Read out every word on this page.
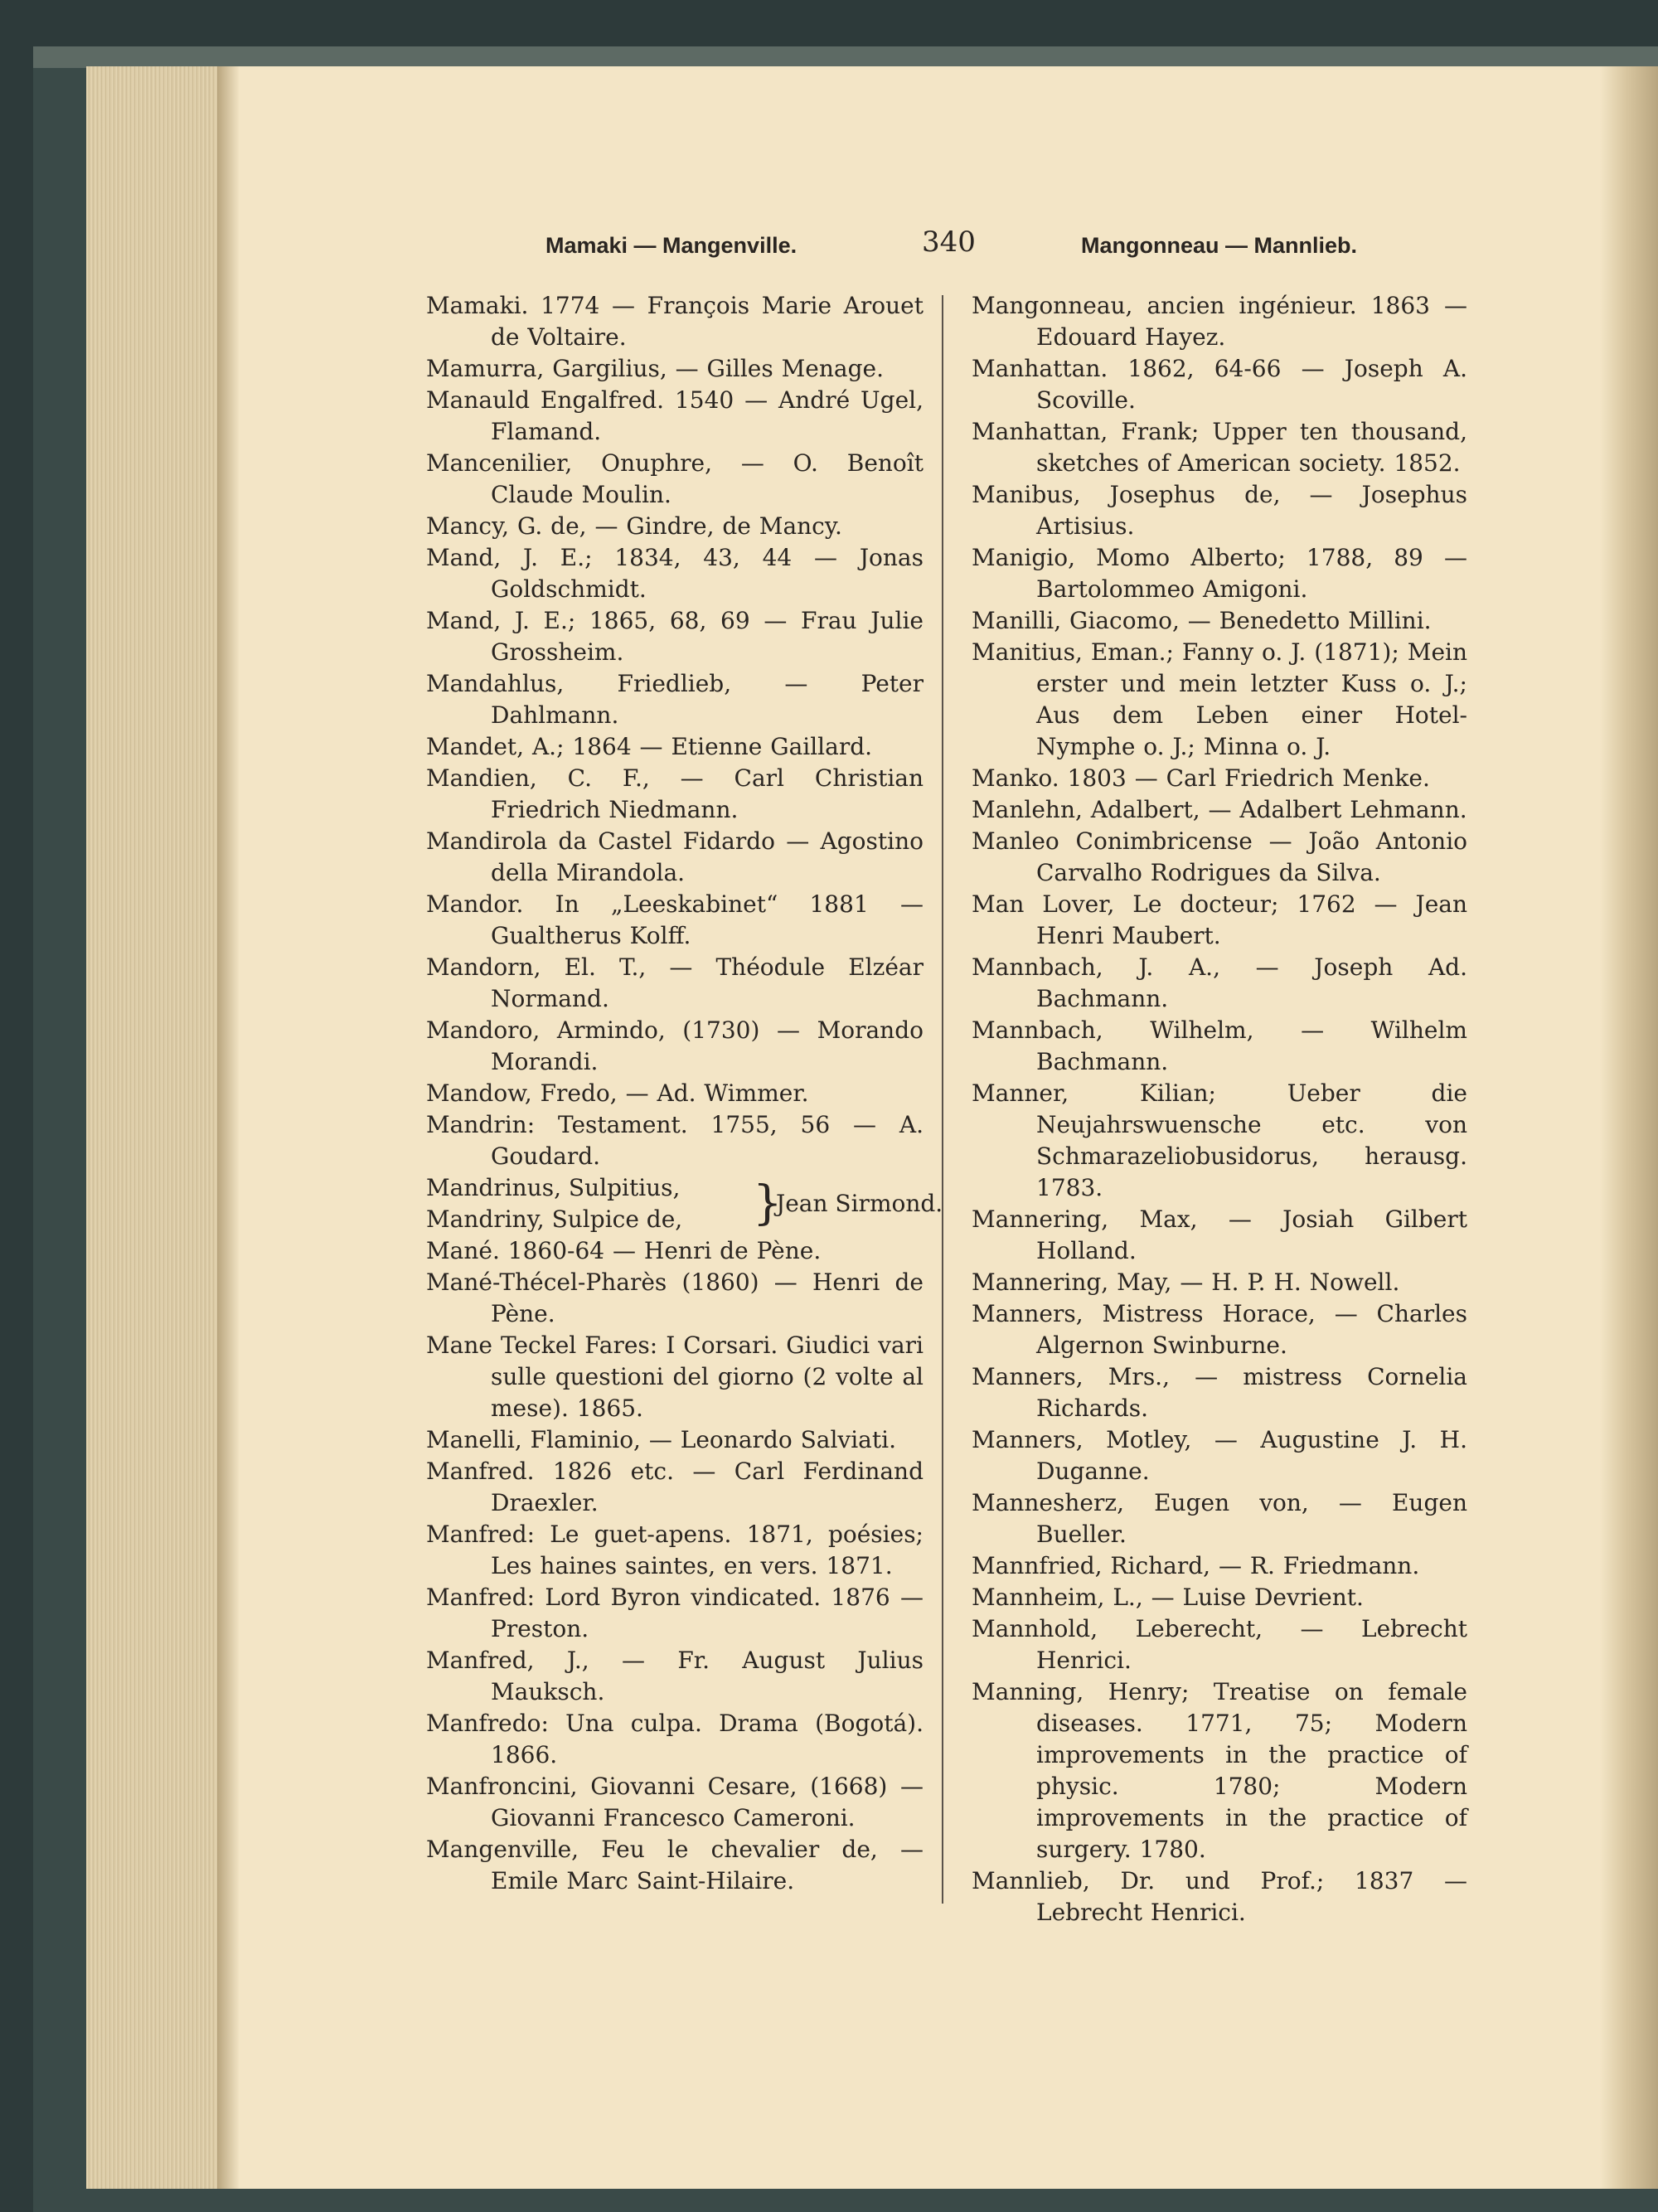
Mamaki — Mangenville.	340	Mangonneau — Mannlieb.

Mamaki. 1774 — François Marie Arouet de Voltaire.

Mamurra, Gargilius, — Gilles Menage.

Manauld Engalfred. 1540 — André Ugel, Flamand.

Mancenilier, Onuphre, — O. Benoît Claude Moulin.

Mancy, G. de, — Gindre, de Mancy.

Mand, J. E.; 1834, 43, 44 — Jonas Goldschmidt.

Mand, J. E.; 1865, 68, 69 — Frau Julie Grossheim.

Mandahlus, Friedlieb, — Peter Dahlmann.

Mandet, A.; 1864 — Etienne Gaillard.

Mandien, C. F., — Carl Christian Friedrich Niedmann.

Mandirola da Castel Fidardo — Agostino della Mirandola.

Mandor. In „Leeskabinet“ 1881 — Gualtherus Kolff.

Mandorn, El. T., — Théodule Elzéar Normand.

Mandoro, Armindo, (1730) — Morando Morandi.

Mandow, Fredo, — Ad. Wimmer.

Mandrin: Testament. 1755, 56 — A. Goudard.

Mandrinus, Sulpitius,
Mandriny, Sulpice de,	}
Jean Sirmond.

Mané. 1860-64 — Henri de Pène.

Mané-Thécel-Pharès (1860) — Henri de Pène.

Mane Teckel Fares: I Corsari. Giudici vari sulle questioni del giorno (2 volte al mese). 1865.

Manelli, Flaminio, — Leonardo Salviati.

Manfred. 1826 etc. — Carl Ferdinand Draexler.

Manfred: Le guet-apens. 1871, poésies; Les haines saintes, en vers. 1871.

Manfred: Lord Byron vindicated. 1876 — Preston.

Manfred, J., — Fr. August Julius Mauksch.

Manfredo: Una culpa. Drama (Bogotá). 1866.

Manfroncini, Giovanni Cesare, (1668) — Giovanni Francesco Cameroni.

Mangenville, Feu le chevalier de, — Emile Marc Saint-Hilaire.

Mangonneau, ancien ingénieur. 1863 — Edouard Hayez.

Manhattan. 1862, 64-66 — Joseph A. Scoville.

Manhattan, Frank; Upper ten thousand, sketches of American society. 1852.

Manibus, Josephus de, — Josephus Artisius.

Manigio, Momo Alberto; 1788, 89 — Bartolommeo Amigoni.

Manilli, Giacomo, — Benedetto Millini.

Manitius, Eman.; Fanny o. J. (1871); Mein erster und mein letzter Kuss o. J.; Aus dem Leben einer Hotel-Nymphe o. J.; Minna o. J.

Manko. 1803 — Carl Friedrich Menke.

Manlehn, Adalbert, — Adalbert Lehmann.

Manleo Conimbricense — João Antonio Carvalho Rodrigues da Silva.

Man Lover, Le docteur; 1762 — Jean Henri Maubert.

Mannbach, J. A., — Joseph Ad. Bachmann.

Mannbach, Wilhelm, — Wilhelm Bachmann.

Manner, Kilian; Ueber die Neujahrswuensche etc. von Schmarazeliobusidorus, herausg. 1783.

Mannering, Max, — Josiah Gilbert Holland.

Mannering, May, — H. P. H. Nowell.

Manners, Mistress Horace, — Charles Algernon Swinburne.

Manners, Mrs., — mistress Cornelia Richards.

Manners, Motley, — Augustine J. H. Duganne.

Mannesherz, Eugen von, — Eugen Bueller.

Mannfried, Richard, — R. Friedmann.

Mannheim, L., — Luise Devrient.

Mannhold, Leberecht, — Lebrecht Henrici.

Manning, Henry; Treatise on female diseases. 1771, 75; Modern improvements in the practice of physic. 1780; Modern improvements in the practice of surgery. 1780.

Mannlieb, Dr. und Prof.; 1837 — Lebrecht Henrici.
